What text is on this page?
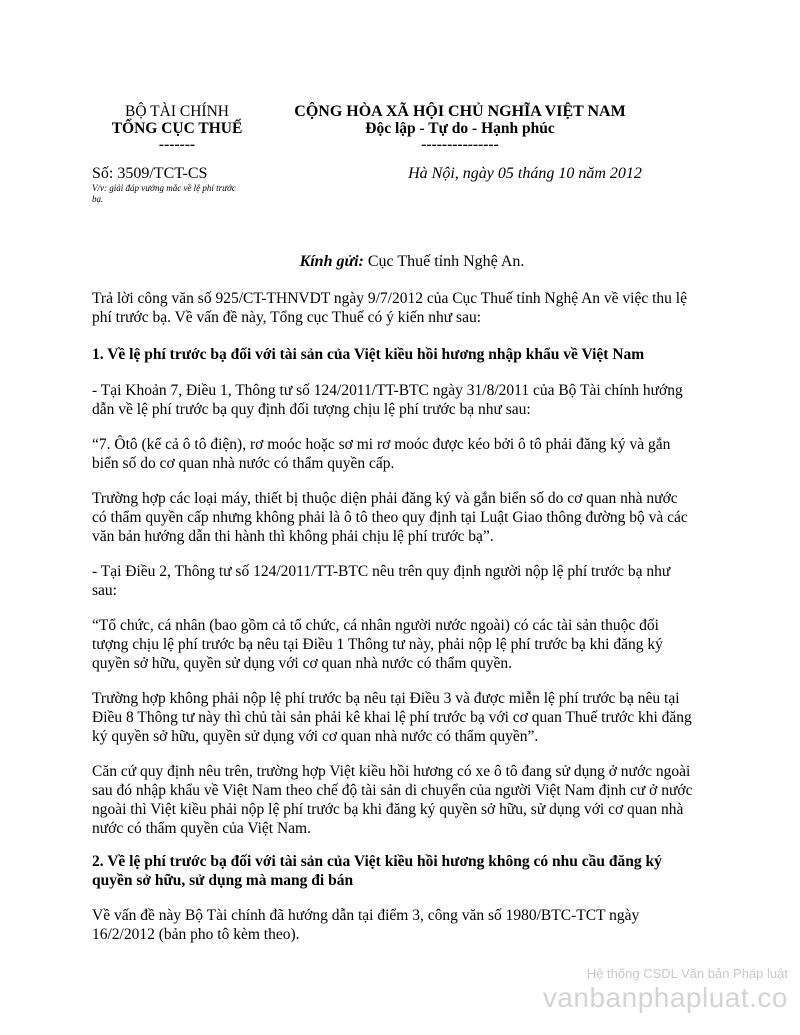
BỘ TÀI CHÍNH
TỔNG CỤC THUẾ
-------
CỘNG HÒA XÃ HỘI CHỦ NGHĨA VIỆT NAM
Độc lập - Tự do - Hạnh phúc
---------------
Số: 3509/TCT-CS
V/v: giải đáp vướng mắc về lệ phí trước
bạ.
Hà Nội, ngày 05 tháng 10 năm 2012
Kính gửi: Cục Thuế tỉnh Nghệ An.
Trả lời công văn số 925/CT-THNVDT ngày 9/7/2012 của Cục Thuế tỉnh Nghệ An về việc thu lệ
phí trước bạ. Về vấn đề này, Tổng cục Thuế có ý kiến như sau:
1. Về lệ phí trước bạ đối với tài sản của Việt kiều hồi hương nhập khẩu về Việt Nam
- Tại Khoản 7, Điều 1, Thông tư số 124/2011/TT-BTC ngày 31/8/2011 của Bộ Tài chính hướng
dẫn về lệ phí trước bạ quy định đối tượng chịu lệ phí trước bạ như sau:
“7. Ôtô (kể cả ô tô điện), rơ moóc hoặc sơ mi rơ moóc được kéo bởi ô tô phải đăng ký và gắn
biển số do cơ quan nhà nước có thẩm quyền cấp.
Trường hợp các loại máy, thiết bị thuộc diện phải đăng ký và gắn biển số do cơ quan nhà nước
có thẩm quyền cấp nhưng không phải là ô tô theo quy định tại Luật Giao thông đường bộ và các
văn bản hướng dẫn thi hành thì không phải chịu lệ phí trước bạ”.
- Tại Điều 2, Thông tư số 124/2011/TT-BTC nêu trên quy định người nộp lệ phí trước bạ như
sau:
“Tổ chức, cá nhân (bao gồm cả tổ chức, cá nhân người nước ngoài) có các tài sản thuộc đối
tượng chịu lệ phí trước bạ nêu tại Điều 1 Thông tư này, phải nộp lệ phí trước bạ khi đăng ký
quyền sở hữu, quyền sử dụng với cơ quan nhà nước có thẩm quyền.
Trường hợp không phải nộp lệ phí trước bạ nêu tại Điều 3 và được miễn lệ phí trước bạ nêu tại
Điều 8 Thông tư này thì chủ tài sản phải kê khai lệ phí trước bạ với cơ quan Thuế trước khi đăng
ký quyền sở hữu, quyền sử dụng với cơ quan nhà nước có thẩm quyền”.
Căn cứ quy định nêu trên, trường hợp Việt kiều hồi hương có xe ô tô đang sử dụng ở nước ngoài
sau đó nhập khẩu về Việt Nam theo chế độ tài sản di chuyển của người Việt Nam định cư ở nước
ngoài thì Việt kiều phải nộp lệ phí trước bạ khi đăng ký quyền sở hữu, sử dụng với cơ quan nhà
nước có thẩm quyền của Việt Nam.
2. Về lệ phí trước bạ đối với tài sản của Việt kiều hồi hương không có nhu cầu đăng ký
quyền sở hữu, sử dụng mà mang đi bán
Về vấn đề này Bộ Tài chính đã hướng dẫn tại điểm 3, công văn số 1980/BTC-TCT ngày
16/2/2012 (bản pho tô kèm theo).
Hệ thống CSDL Văn bản Pháp luật
vanbanphapluat.co
